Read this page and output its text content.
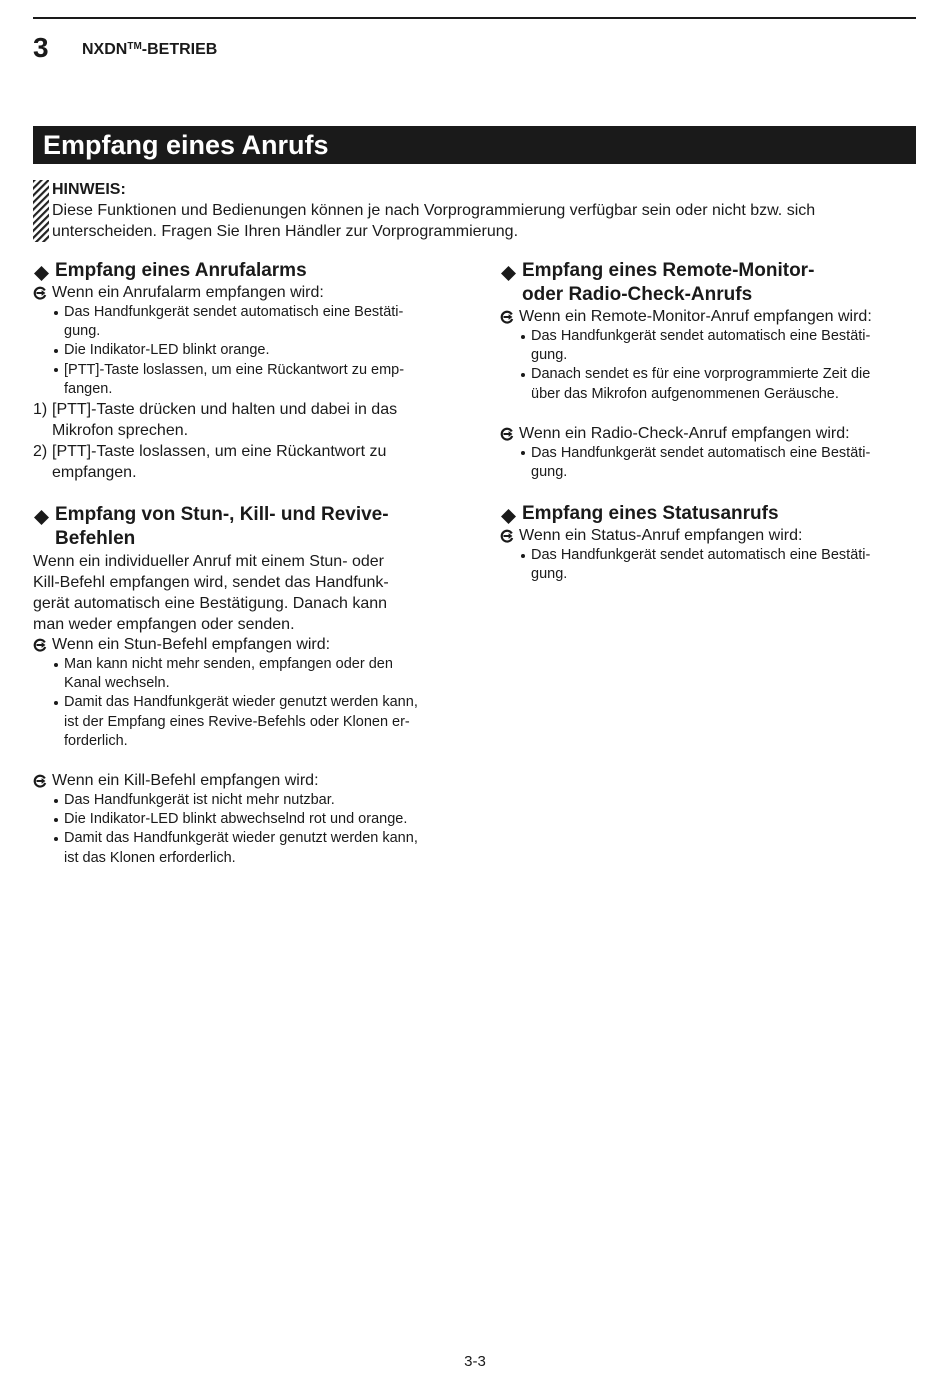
3 NXDN™-BETRIEB
Empfang eines Anrufs
HINWEIS:
Diese Funktionen und Bedienungen können je nach Vorprogrammierung verfügbar sein oder nicht bzw. sich
unterscheiden. Fragen Sie Ihren Händler zur Vorprogrammierung.
Empfang eines Anrufalarms
Wenn ein Anrufalarm empfangen wird:
Das Handfunkgerät sendet automatisch eine Bestäti-
gung.
Die Indikator-LED blinkt orange.
[PTT]-Taste loslassen, um eine Rückantwort zu emp-
fangen.
1) [PTT]-Taste drücken und halten und dabei in das
Mikrofon sprechen.
2) [PTT]-Taste loslassen, um eine Rückantwort zu
empfangen.
Empfang von Stun-, Kill- und Revive-
Befehlen
Wenn ein individueller Anruf mit einem Stun- oder
Kill-Befehl empfangen wird, sendet das Handfunk-
gerät automatisch eine Bestätigung. Danach kann
man weder empfangen oder senden.
Wenn ein Stun-Befehl empfangen wird:
Man kann nicht mehr senden, empfangen oder den
Kanal wechseln.
Damit das Handfunkgerät wieder genutzt werden kann,
ist der Empfang eines Revive-Befehls oder Klonen er-
forderlich.
Wenn ein Kill-Befehl empfangen wird:
Das Handfunkgerät ist nicht mehr nutzbar.
Die Indikator-LED blinkt abwechselnd rot und orange.
Damit das Handfunkgerät wieder genutzt werden kann,
ist das Klonen erforderlich.
Empfang eines Remote-Monitor-
oder Radio-Check-Anrufs
Wenn ein Remote-Monitor-Anruf empfangen wird:
Das Handfunkgerät sendet automatisch eine Bestäti-
gung.
Danach sendet es für eine vorprogrammierte Zeit die
über das Mikrofon aufgenommenen Geräusche.
Wenn ein Radio-Check-Anruf empfangen wird:
Das Handfunkgerät sendet automatisch eine Bestäti-
gung.
Empfang eines Statusanrufs
Wenn ein Status-Anruf empfangen wird:
Das Handfunkgerät sendet automatisch eine Bestäti-
gung.
3-3
